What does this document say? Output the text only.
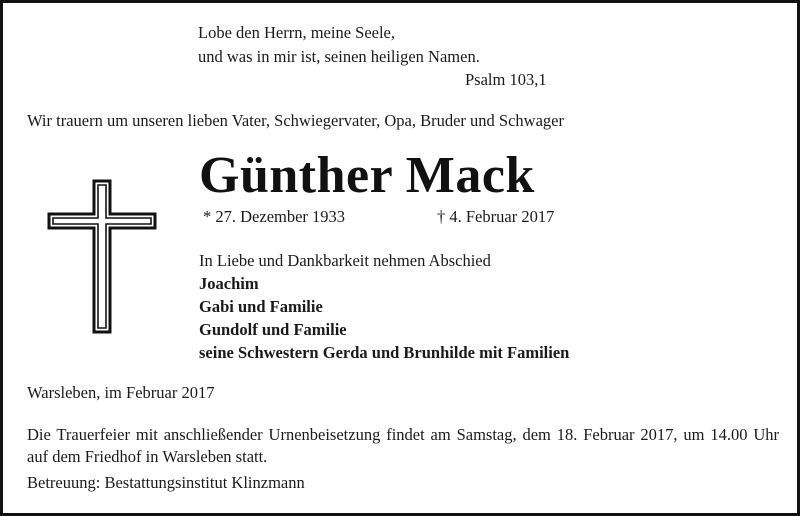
Lobe den Herrn, meine Seele,
und was in mir ist, seinen heiligen Namen.
Psalm 103,1
Wir trauern um unseren lieben Vater, Schwiegervater, Opa, Bruder und Schwager
Günther Mack
* 27. Dezember 1933	† 4. Februar 2017
In Liebe und Dankbarkeit nehmen Abschied
Joachim
Gabi und Familie
Gundolf und Familie
seine Schwestern Gerda und Brunhilde mit Familien
Warsleben, im Februar 2017
Die Trauerfeier mit anschließender Urnenbeisetzung findet am Samstag, dem 18. Februar 2017, um 14.00 Uhr auf dem Friedhof in Warsleben statt.
Betreuung: Bestattungsinstitut Klinzmann
